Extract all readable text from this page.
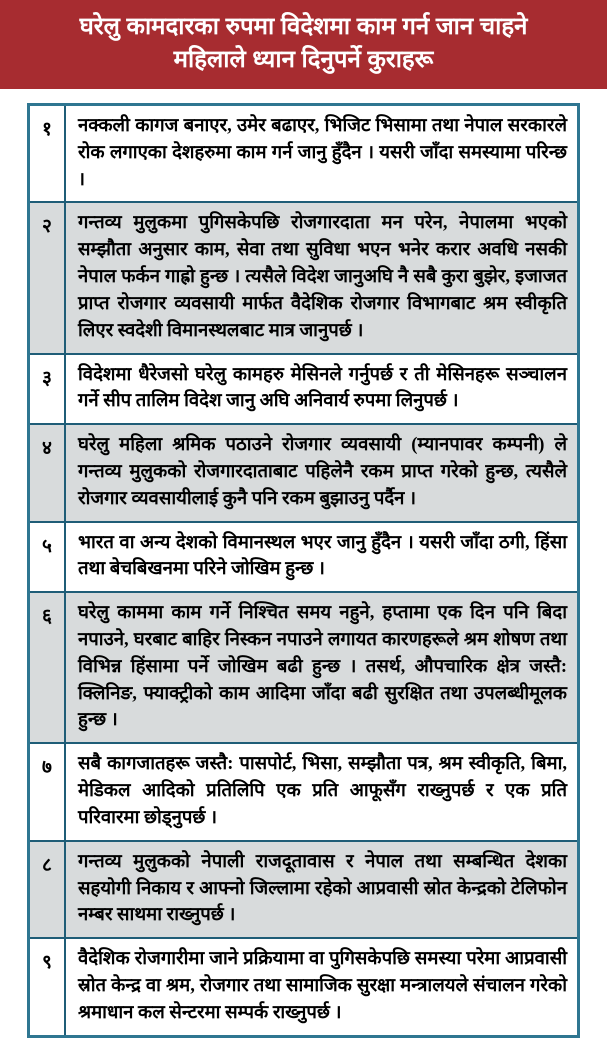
घरेलु कामदारका रुपमा विदेशमा काम गर्न जान चाहने
महिलाले ध्यान दिनुपर्ने कुराहरू
१	नक्कली कागज बनाएर, उमेर बढाएर, भिजिट भिसामा तथा नेपाल सरकारले रोक लगाएका देशहरुमा काम गर्न जानु हुँदैन । यसरी जाँदा समस्यामा परिन्छ ।
२	गन्तव्य मुलुकमा पुगिसकेपछि रोजगारदाता मन परेन, नेपालमा भएको सम्झौता अनुसार काम, सेवा तथा सुविधा भएन भनेर करार अवधि नसकी नेपाल फर्कन गाह्रो हुन्छ । त्यसैले विदेश जानुअघि नै सबै कुरा बुझेर, इजाजत प्राप्त रोजगार व्यवसायी मार्फत वैदेशिक रोजगार विभागबाट श्रम स्वीकृति लिएर स्वदेशी विमानस्थलबाट मात्र जानुपर्छ ।
३	विदेशमा धैरेजसो घरेलु कामहरु मेसिनले गर्नुपर्छ र ती मेसिनहरू सञ्चालन गर्ने सीप तालिम विदेश जानु अघि अनिवार्य रुपमा लिनुपर्छ ।
४	घरेलु महिला श्रमिक पठाउने रोजगार व्यवसायी (म्यानपावर कम्पनी) ले गन्तव्य मुलुकको रोजगारदाताबाट पहिलेनै रकम प्राप्त गरेको हुन्छ, त्यसैले रोजगार व्यवसायीलाई कुनै पनि रकम बुझाउनु पर्दैन ।
५	भारत वा अन्य देशको विमानस्थल भएर जानु हुँदैन । यसरी जाँदा ठगी, हिंसा तथा बेचबिखनमा परिने जोखिम हुन्छ ।
६	घरेलु काममा काम गर्ने निश्चित समय नहुने, हप्तामा एक दिन पनि बिदा नपाउने, घरबाट बाहिर निस्कन नपाउने लगायत कारणहरूले श्रम शोषण तथा विभिन्न हिंसामा पर्ने जोखिम बढी हुन्छ । तसर्थ, औपचारिक क्षेत्र जस्तै: क्लिनिङ, फ्याक्ट्रीको काम आदिमा जाँदा बढी सुरक्षित तथा उपलब्धीमूलक हुन्छ ।
७	सबै कागजातहरू जस्तै: पासपोर्ट, भिसा, सम्झौता पत्र, श्रम स्वीकृति, बिमा, मेडिकल आदिको प्रतिलिपि एक प्रति आफूसँग राख्नुपर्छ र एक प्रति परिवारमा छोड्नुपर्छ ।
८	गन्तव्य मुलुकको नेपाली राजदूतावास र नेपाल तथा सम्बन्धित देशका सहयोगी निकाय र आफ्नो जिल्लामा रहेको आप्रवासी स्रोत केन्द्रको टेलिफोन नम्बर साथमा राख्नुपर्छ ।
९	वैदेशिक रोजगारीमा जाने प्रक्रियामा वा पुगिसकेपछि समस्या परेमा आप्रवासी स्रोत केन्द्र वा श्रम, रोजगार तथा सामाजिक सुरक्षा मन्त्रालयले संचालन गरेको श्रमाधान कल सेन्टरमा सम्पर्क राख्नुपर्छ ।
